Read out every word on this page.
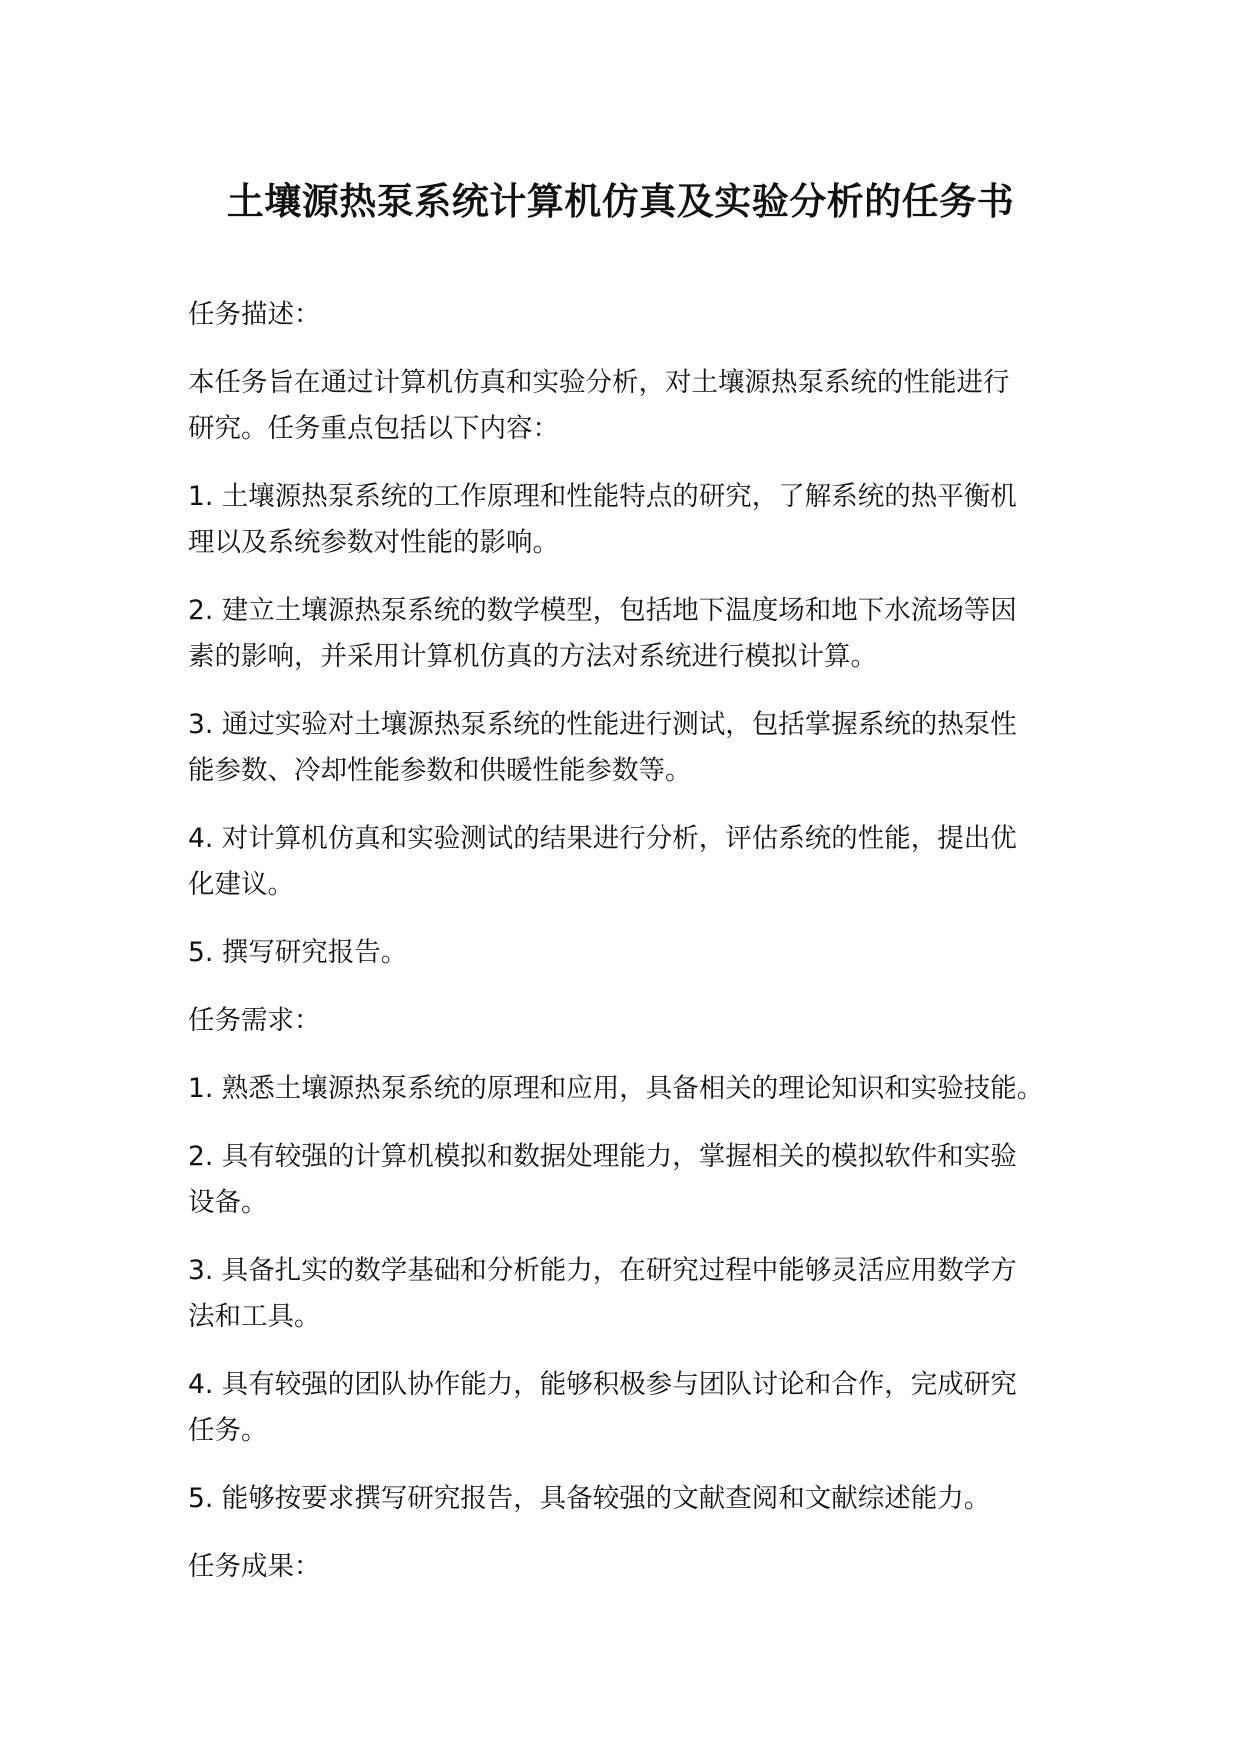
土壤源热泵系统计算机仿真及实验分析的任务书

任务描述：

本任务旨在通过计算机仿真和实验分析，对土壤源热泵系统的性能进行
研究。任务重点包括以下内容：

1. 土壤源热泵系统的工作原理和性能特点的研究，了解系统的热平衡机
理以及系统参数对性能的影响。

2. 建立土壤源热泵系统的数学模型，包括地下温度场和地下水流场等因
素的影响，并采用计算机仿真的方法对系统进行模拟计算。

3. 通过实验对土壤源热泵系统的性能进行测试，包括掌握系统的热泵性
能参数、冷却性能参数和供暖性能参数等。

4. 对计算机仿真和实验测试的结果进行分析，评估系统的性能，提出优
化建议。

5. 撰写研究报告。

任务需求：

1. 熟悉土壤源热泵系统的原理和应用，具备相关的理论知识和实验技能。

2. 具有较强的计算机模拟和数据处理能力，掌握相关的模拟软件和实验
设备。

3. 具备扎实的数学基础和分析能力，在研究过程中能够灵活应用数学方
法和工具。

4. 具有较强的团队协作能力，能够积极参与团队讨论和合作，完成研究
任务。

5. 能够按要求撰写研究报告，具备较强的文献查阅和文献综述能力。

任务成果：
